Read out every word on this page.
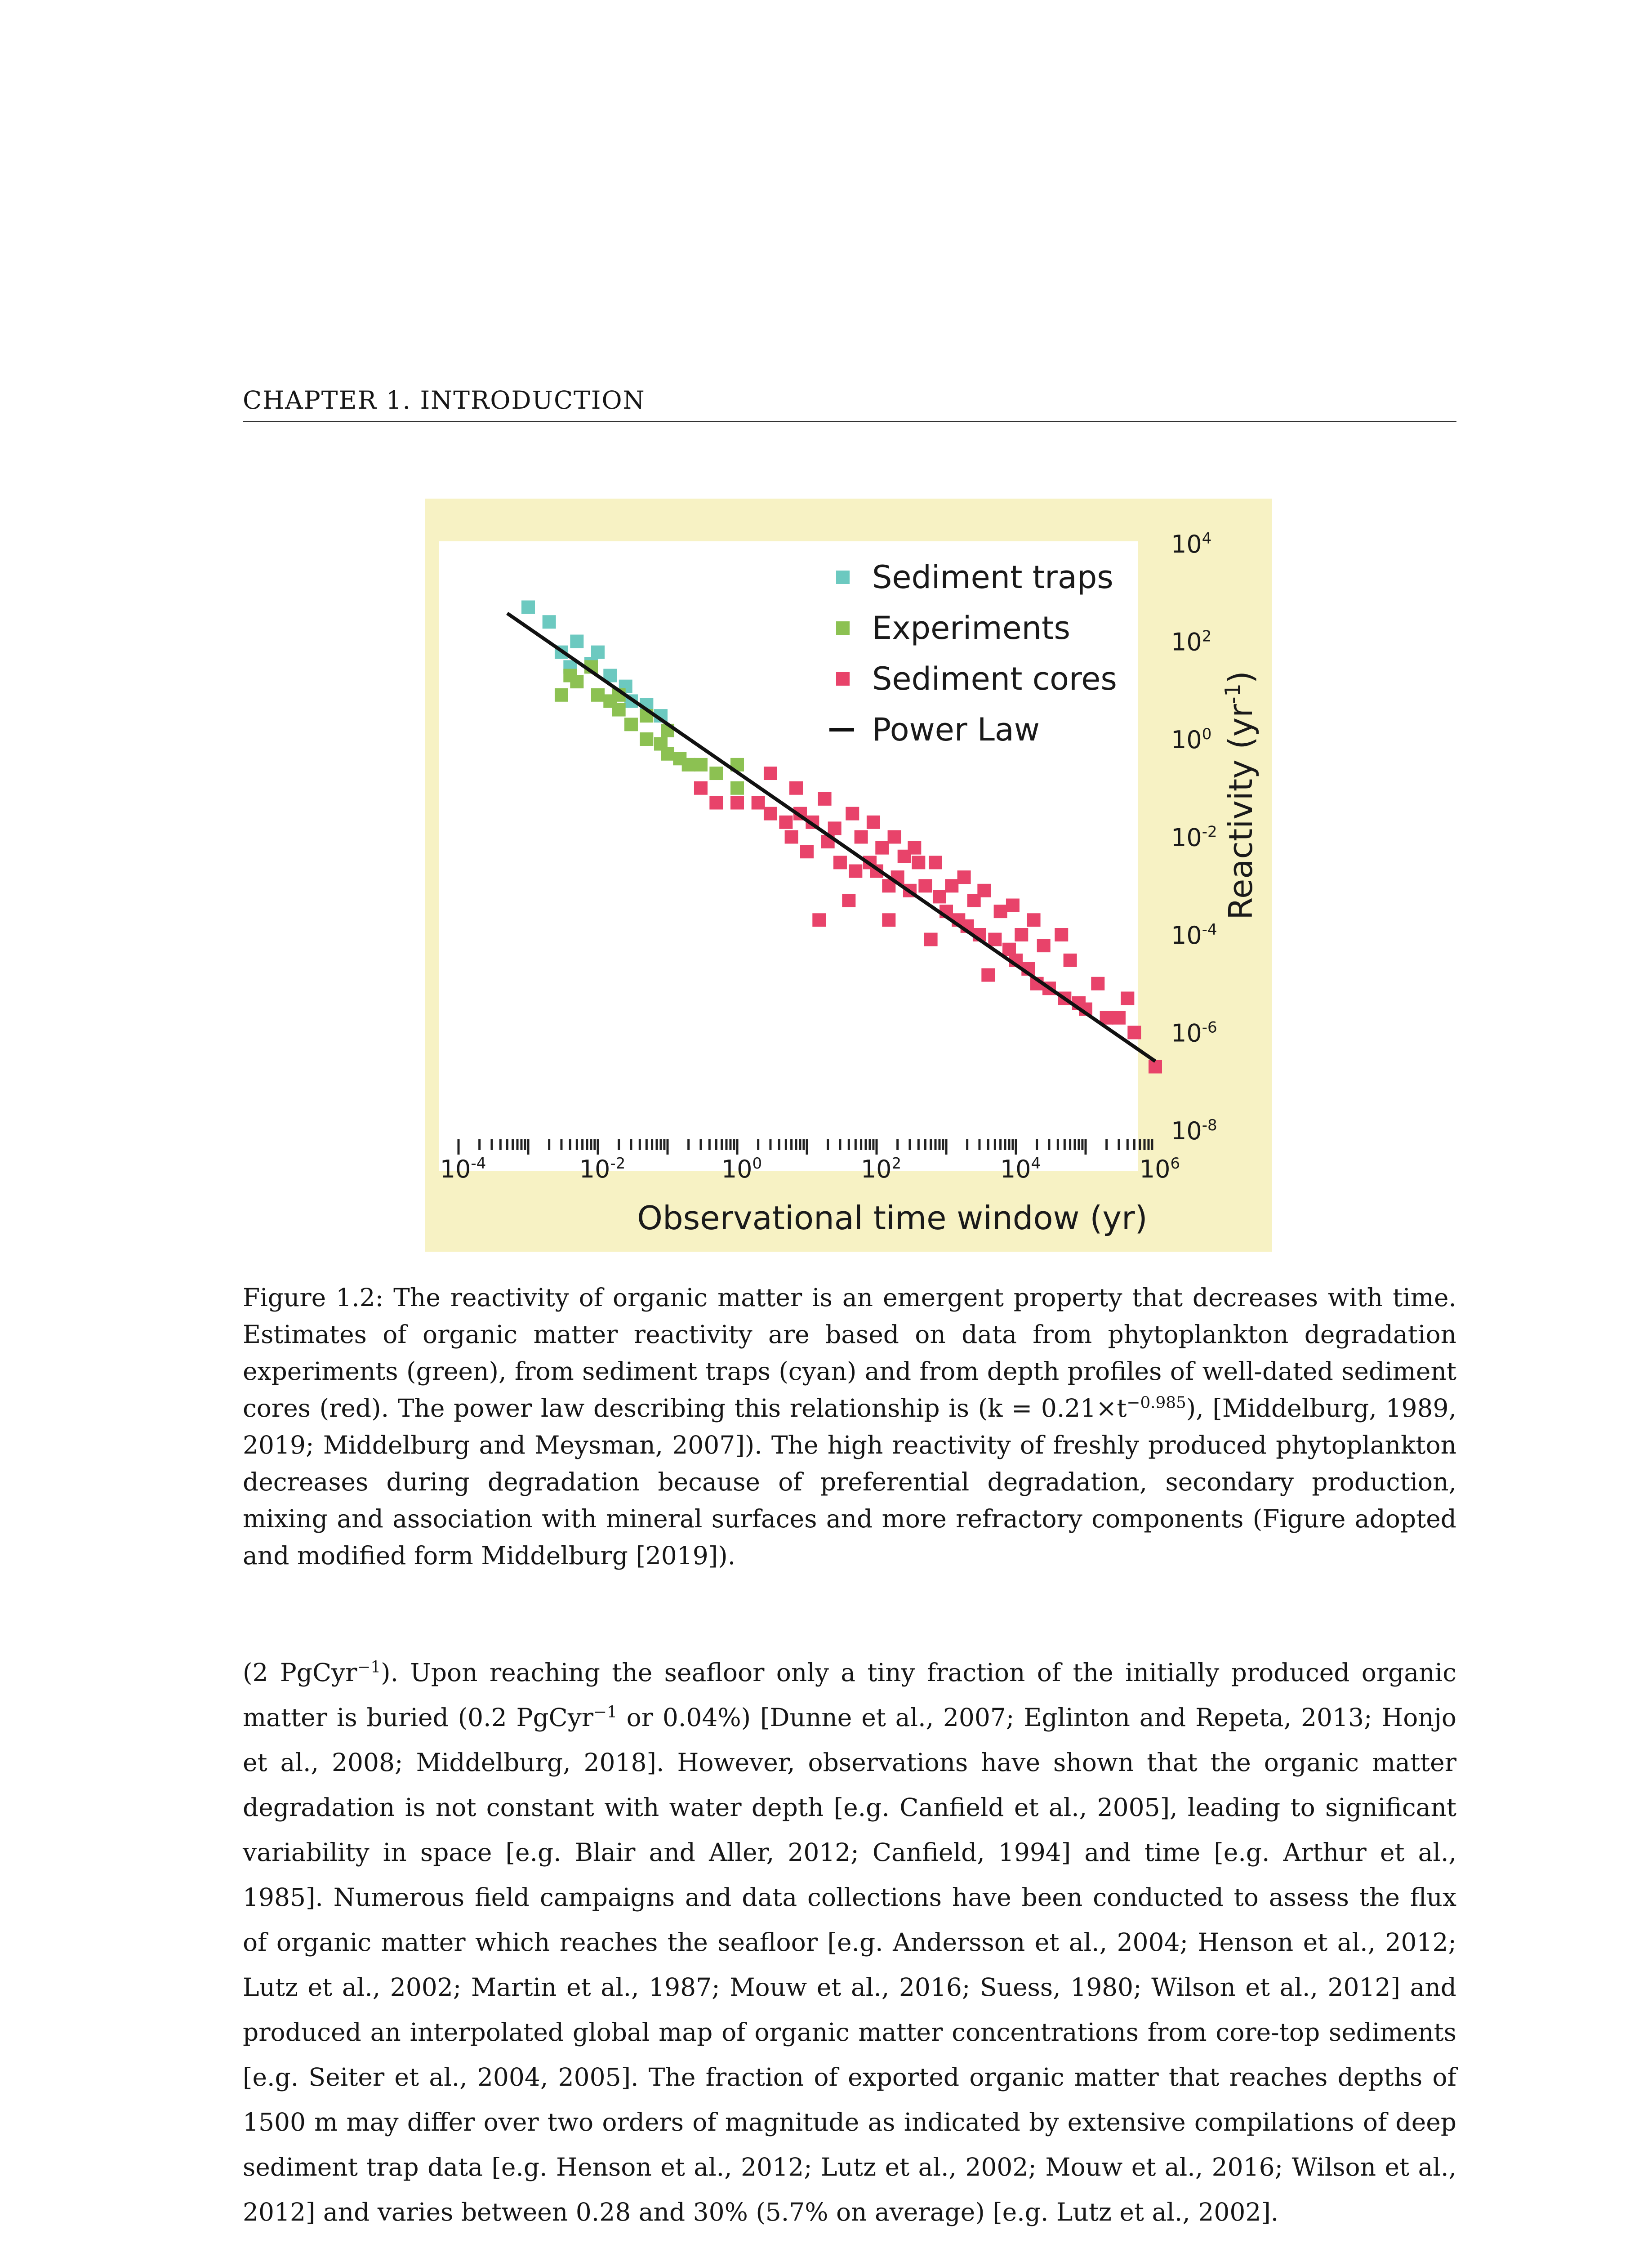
CHAPTER 1. INTRODUCTION
$10^{-4}$	$10^{-2}$	$10^0$	$10^2$	$10^4$	$10^6$
$10^4$
$10^2$
$10^0$
$10^{-2}$
$10^{-4}$
$10^{-6}$
$10^{-8}$
Sediment traps
Experiments
Sediment cores
Power Law
Observational time window (yr)
Reactivity $(yr^{-1})$

Figure 1.2: The reactivity of organic matter is an emergent property that decreases with time. Estimates of organic matter reactivity are based on data from phytoplankton degradation experiments (green), from sediment traps (cyan) and from depth profiles of well-dated sediment cores (red). The power law describing this relationship is $(k = 0.21\times t^{-0.985})$, [Middelburg, 1989, 2019; Middelburg and Meysman, 2007]). The high reactivity of freshly produced phytoplankton decreases during degradation because of preferential degradation, secondary production, mixing and association with mineral surfaces and more refractory components (Figure adopted and modified form Middelburg [2019]).

(2 PgCyr$^{-1}$). Upon reaching the seafloor only a tiny fraction of the initially produced organic matter is buried (0.2 PgCyr$^{-1}$ or 0.04%) [Dunne et al., 2007; Eglinton and Repeta, 2013; Honjo et al., 2008; Middelburg, 2018]. However, observations have shown that the organic matter degradation is not constant with water depth [e.g. Canfield et al., 2005], leading to significant variability in space [e.g. Blair and Aller, 2012; Canfield, 1994] and time [e.g. Arthur et al., 1985]. Numerous field campaigns and data collections have been conducted to assess the flux of organic matter which reaches the seafloor [e.g. Andersson et al., 2004; Henson et al., 2012; Lutz et al., 2002; Martin et al., 1987; Mouw et al., 2016; Suess, 1980; Wilson et al., 2012] and produced an interpolated global map of organic matter concentrations from core-top sediments [e.g. Seiter et al., 2004, 2005]. The fraction of exported organic matter that reaches depths of 1500 m may differ over two orders of magnitude as indicated by extensive compilations of deep sediment trap data [e.g. Henson et al., 2012; Lutz et al., 2002; Mouw et al., 2016; Wilson et al., 2012] and varies between 0.28 and 30% (5.7% on average) [e.g. Lutz et al., 2002].
